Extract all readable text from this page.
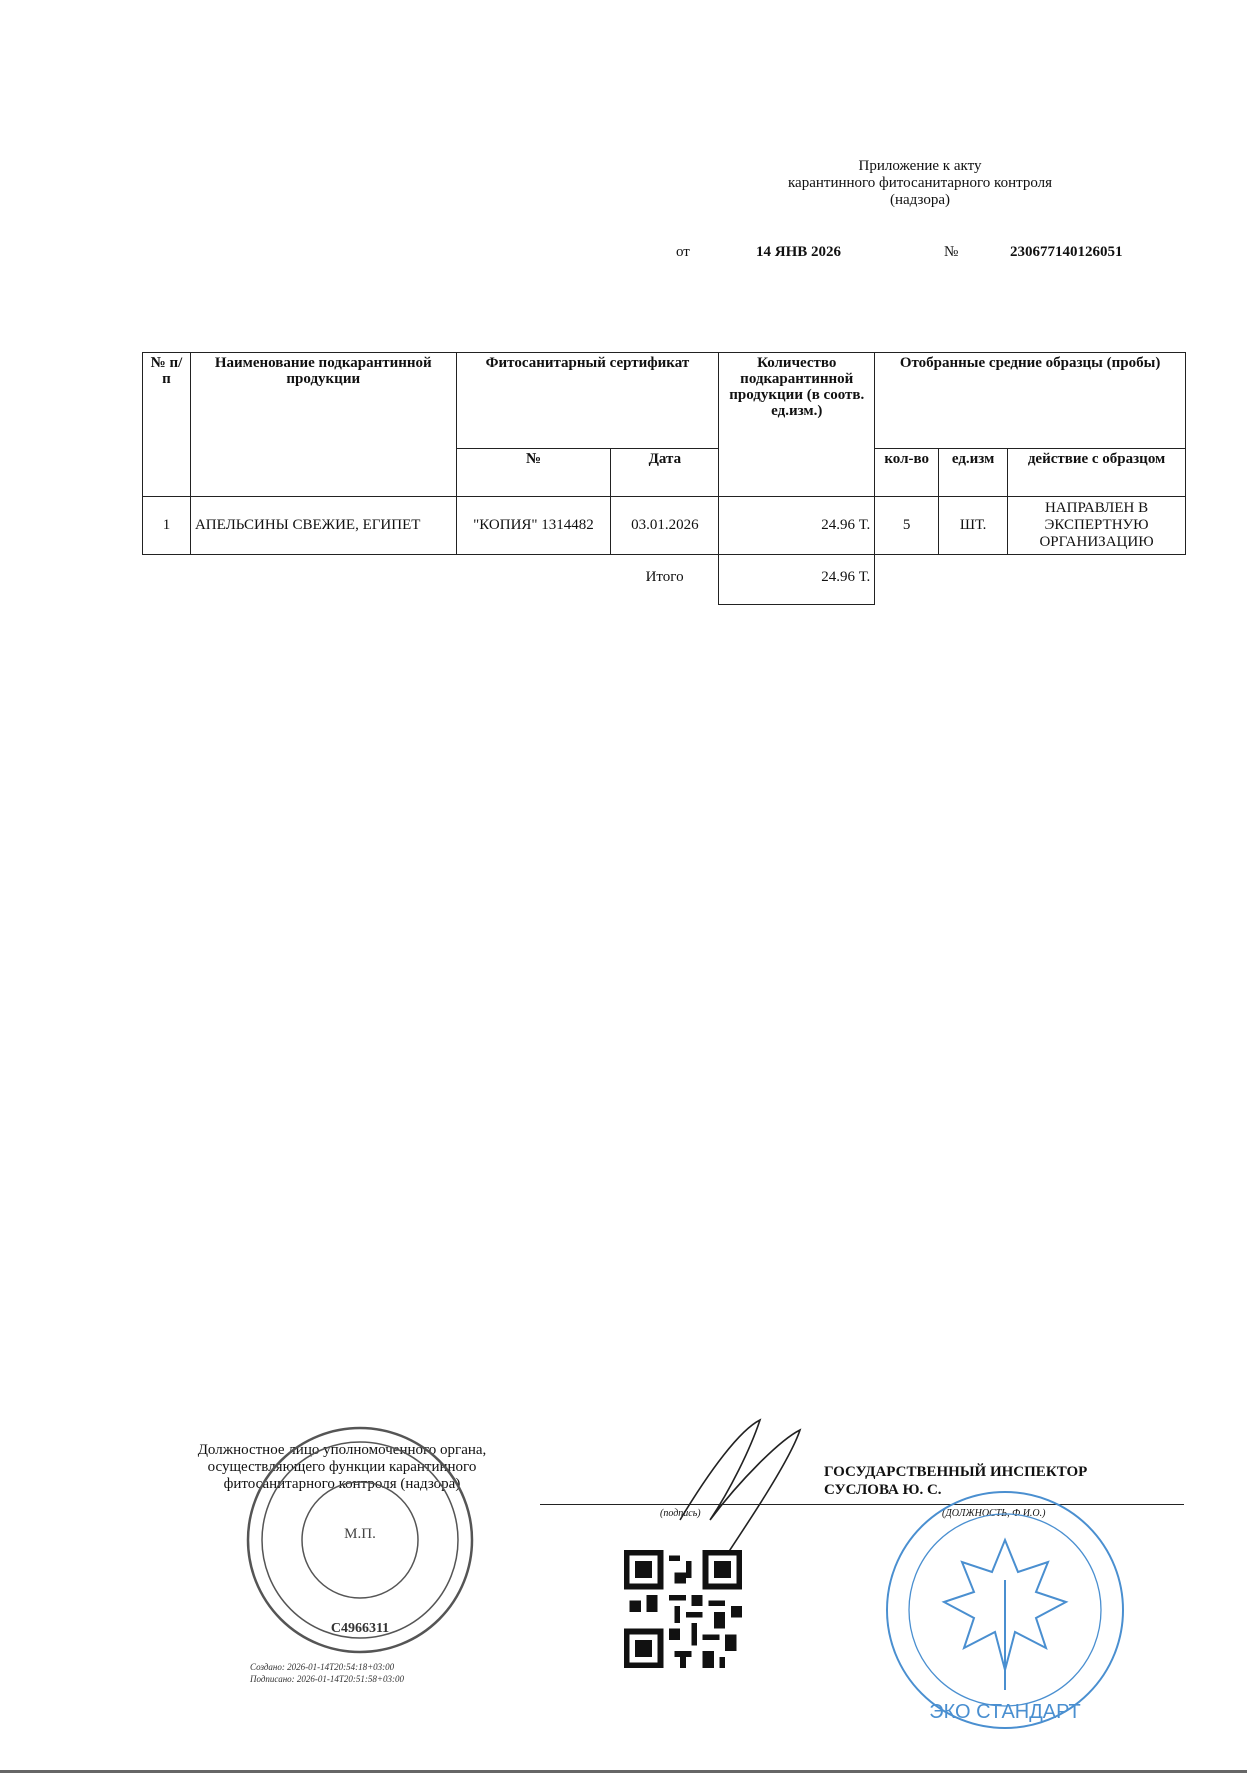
Приложение к акту
карантинного фитосанитарного контроля
(надзора)
от	14 ЯНВ 2026	№	230677140126051
№ п/п	Наименование подкарантинной продукции	Фитосанитарный сертификат		Количество подкарантинной продукции (в соотв. ед.изм.)	Отобранные средние образцы (пробы)		
		№	Дата		кол-во	ед.изм	действие с образцом
1	АПЕЛЬСИНЫ СВЕЖИЕ, ЕГИПЕТ	"КОПИЯ" 1314482	03.01.2026	24.96 Т.	5	ШТ.	НАПРАВЛЕН В ЭКСПЕРТНУЮ ОРГАНИЗАЦИЮ
			Итого	24.96 Т.			
Должностное лицо уполномоченного органа, осуществляющего функции карантинного фитосанитарного контроля (надзора)
ГОСУДАРСТВЕННЫЙ ИНСПЕКТОР
СУСЛОВА Ю. С.
(подпись)	(ДОЛЖНОСТЬ, Ф.И.О.)
М.П.
С4966311
Создано: 2026-01-14T20:54:18+03:00
Подписано: 2026-01-14T20:51:58+03:00
ЭКО СТАНДАРТ
